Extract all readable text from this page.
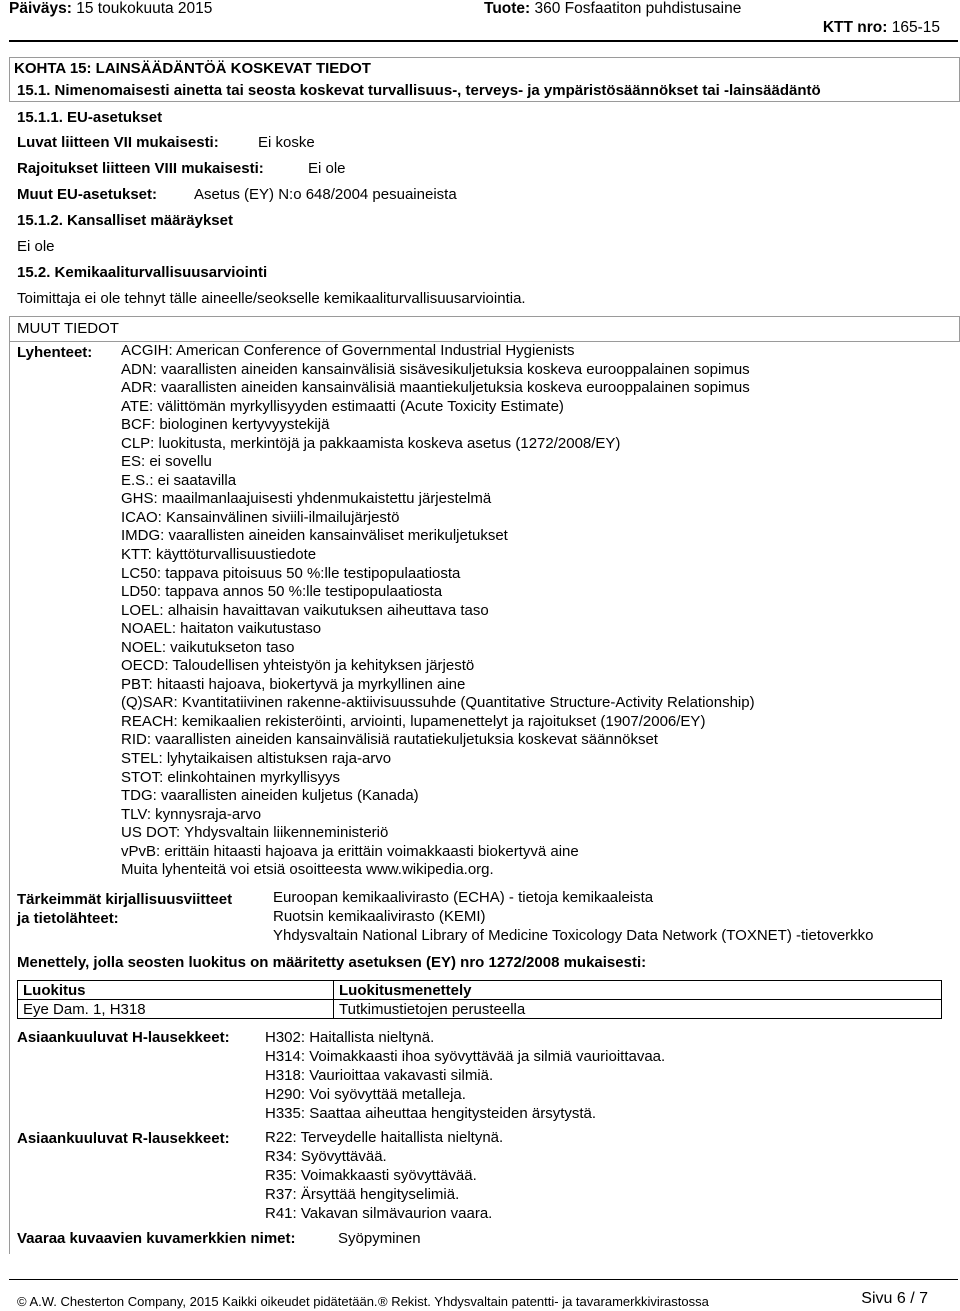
Päiväys: 15 toukokuuta 2015	Tuote: 360 Fosfaatiton puhdistusaine
KTT nro: 165-15
KOHTA 15: LAINSÄÄDÄNTÖÄ KOSKEVAT TIEDOT
15.1. Nimenomaisesti ainetta tai seosta koskevat turvallisuus-, terveys- ja ympäristösäännökset tai -lainsäädäntö
15.1.1. EU-asetukset
Luvat liitteen VII mukaisesti:	Ei koske
Rajoitukset liitteen VIII mukaisesti:	Ei ole
Muut EU-asetukset: Asetus (EY) N:o 648/2004 pesuaineista
15.1.2. Kansalliset määräykset
Ei ole
15.2. Kemikaaliturvallisuusarviointi
Toimittaja ei ole tehnyt tälle aineelle/seokselle kemikaaliturvallisuusarviointia.
MUUT TIEDOT
Lyhenteet: ACGIH: American Conference of Governmental Industrial Hygienists
ADN: vaarallisten aineiden kansainvälisiä sisävesikuljetuksia koskeva eurooppalainen sopimus
ADR: vaarallisten aineiden kansainvälisiä maantiekuljetuksia koskeva eurooppalainen sopimus
ATE: välittömän myrkyllisyyden estimaatti (Acute Toxicity Estimate)
BCF: biologinen kertyvyystekijä
CLP: luokitusta, merkintöjä ja pakkaamista koskeva asetus (1272/2008/EY)
ES: ei sovellu
E.S.: ei saatavilla
GHS: maailmanlaajuisesti yhdenmukaistettu järjestelmä
ICAO: Kansainvälinen siviili-ilmailujärjestö
IMDG: vaarallisten aineiden kansainväliset merikuljetukset
KTT: käyttöturvallisuustiedote
LC50: tappava pitoisuus 50 %:lle testipopulaatiosta
LD50: tappava annos 50 %:lle testipopulaatiosta
LOEL: alhaisin havaittavan vaikutuksen aiheuttava taso
NOAEL: haitaton vaikutustaso
NOEL: vaikutukseton taso
OECD: Taloudellisen yhteistyön ja kehityksen järjestö
PBT: hitaasti hajoava, biokertyvä ja myrkyllinen aine
(Q)SAR: Kvantitatiivinen rakenne-aktiivisuussuhde (Quantitative Structure-Activity Relationship)
REACH: kemikaalien rekisteröinti, arviointi, lupamenettelyt ja rajoitukset (1907/2006/EY)
RID: vaarallisten aineiden kansainvälisiä rautatiekuljetuksia koskevat säännökset
STEL: lyhytaikaisen altistuksen raja-arvo
STOT: elinkohtainen myrkyllisyys
TDG: vaarallisten aineiden kuljetus (Kanada)
TLV: kynnysraja-arvo
US DOT: Yhdysvaltain liikenneministeriö
vPvB: erittäin hitaasti hajoava ja erittäin voimakkaasti biokertyvä aine
Muita lyhenteitä voi etsiä osoitteesta www.wikipedia.org.
Tärkeimmät kirjallisuusviitteet
ja tietolähteet:
Euroopan kemikaalivirasto (ECHA) - tietoja kemikaaleista
Ruotsin kemikaalivirasto (KEMI)
Yhdysvaltain National Library of Medicine Toxicology Data Network (TOXNET) -tietoverkko
Menettely, jolla seosten luokitus on määritetty asetuksen (EY) nro 1272/2008 mukaisesti:
Luokitus	Luokitusmenettely
Eye Dam. 1, H318	Tutkimustietojen perusteella
Asiaankuuluvat H-lausekkeet: H302: Haitallista nieltynä.
H314: Voimakkaasti ihoa syövyttävää ja silmiä vaurioittavaa.
H318: Vaurioittaa vakavasti silmiä.
H290: Voi syövyttää metalleja.
H335: Saattaa aiheuttaa hengitysteiden ärsytystä.
Asiaankuuluvat R-lausekkeet: R22: Terveydelle haitallista nieltynä.
R34: Syövyttävää.
R35: Voimakkaasti syövyttävää.
R37: Ärsyttää hengityselimiä.
R41: Vakavan silmävaurion vaara.
Vaaraa kuvaavien kuvamerkkien nimet:	Syöpyminen
© A.W. Chesterton Company, 2015 Kaikki oikeudet pidätetään. ® Rekist. Yhdysvaltain patentti- ja tavaramerkkivirastossa	Sivu 6 / 7
